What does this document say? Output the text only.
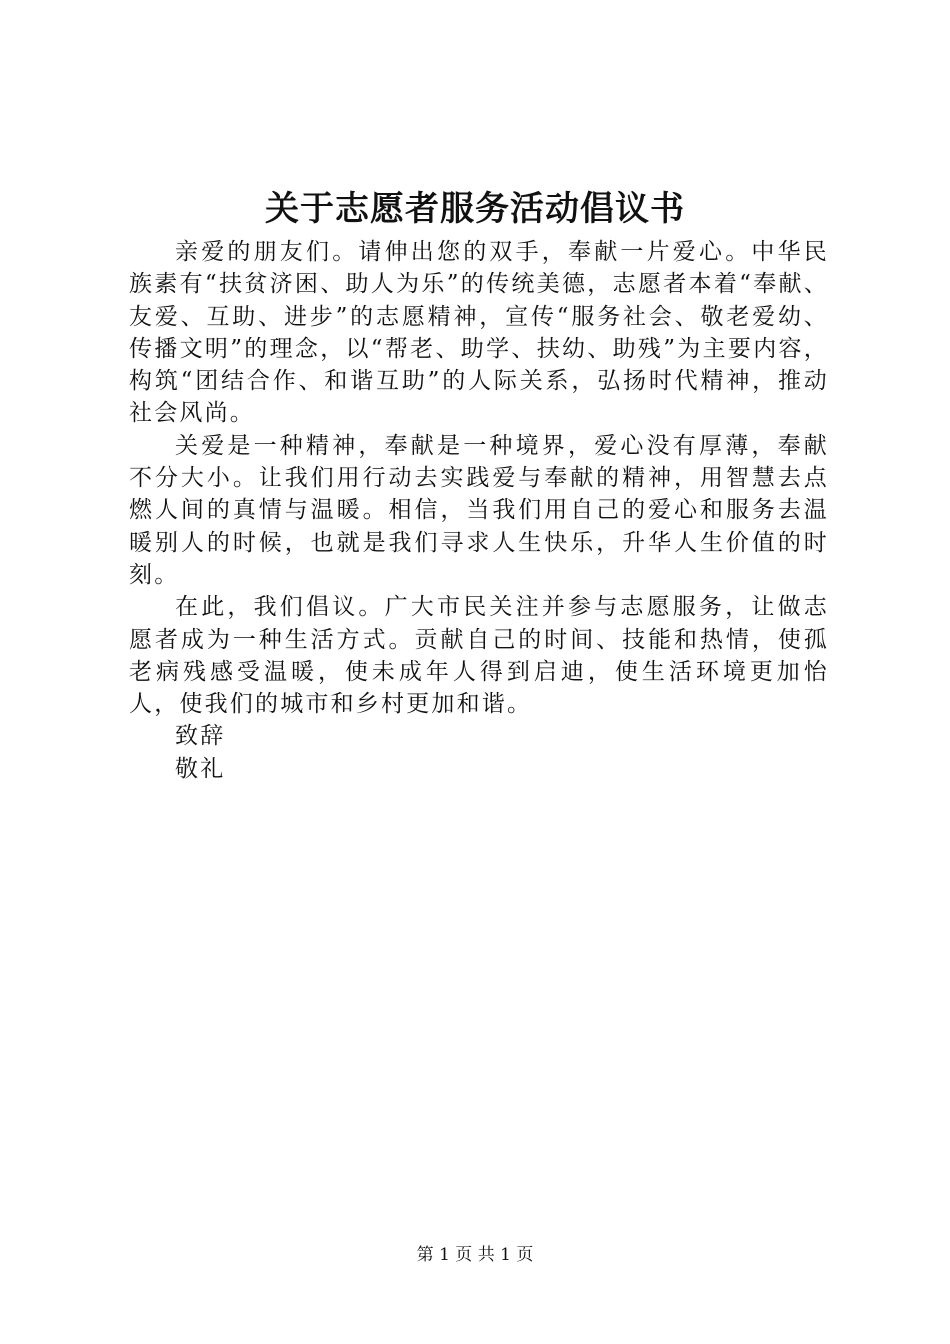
关于志愿者服务活动倡议书

亲爱的朋友们。请伸出您的双手，奉献一片爱心。中华民族素有“扶贫济困、助人为乐”的传统美德，志愿者本着“奉献、友爱、互助、进步”的志愿精神，宣传“服务社会、敬老爱幼、传播文明”的理念，以“帮老、助学、扶幼、助残”为主要内容，构筑“团结合作、和谐互助”的人际关系，弘扬时代精神，推动社会风尚。

关爱是一种精神，奉献是一种境界，爱心没有厚薄，奉献不分大小。让我们用行动去实践爱与奉献的精神，用智慧去点燃人间的真情与温暖。相信，当我们用自己的爱心和服务去温暖别人的时候，也就是我们寻求人生快乐，升华人生价值的时刻。

在此，我们倡议。广大市民关注并参与志愿服务，让做志愿者成为一种生活方式。贡献自己的时间、技能和热情，使孤老病残感受温暖，使未成年人得到启迪，使生活环境更加怡人，使我们的城市和乡村更加和谐。

致辞

敬礼

第 1 页 共 1 页
